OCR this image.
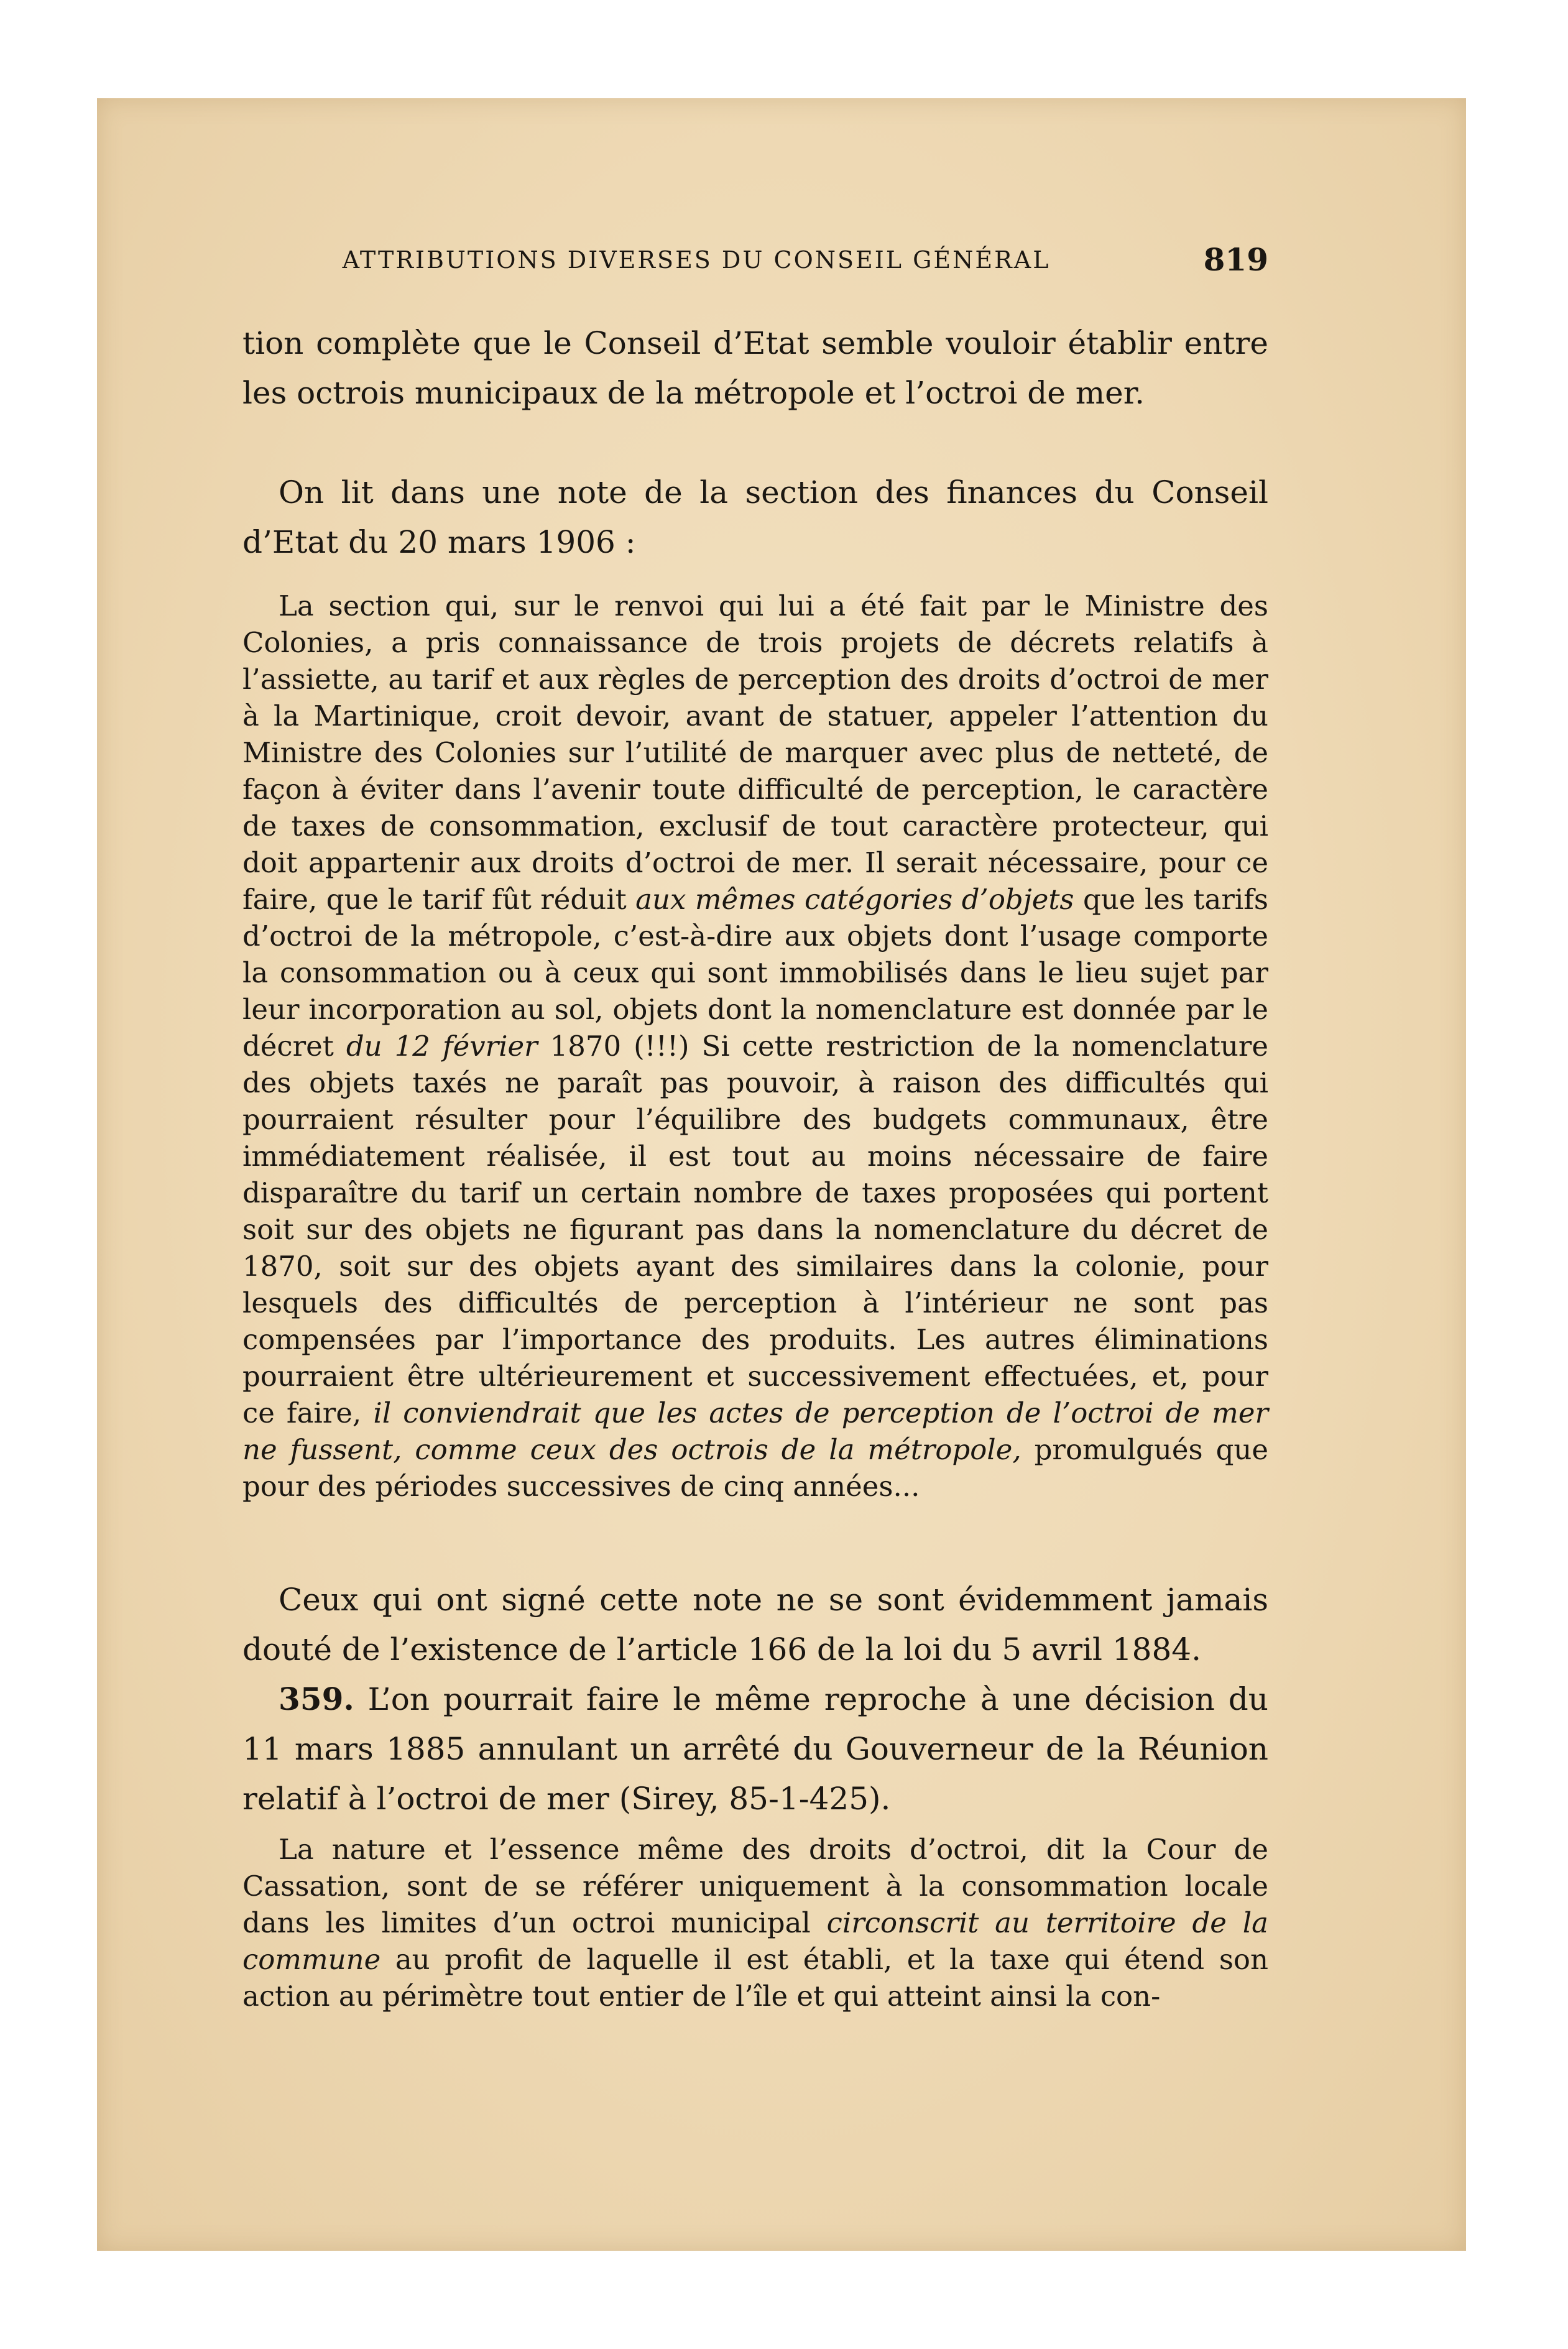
ATTRIBUTIONS DIVERSES DU CONSEIL GÉNÉRAL	819

tion complète que le Conseil d’Etat semble vouloir établir entre les octrois municipaux de la métropole et l’octroi de mer.

On lit dans une note de la section des finances du Conseil d’Etat du 20 mars 1906 :

La section qui, sur le renvoi qui lui a été fait par le Ministre des Colonies, a pris connaissance de trois projets de décrets relatifs à l’assiette, au tarif et aux règles de perception des droits d’octroi de mer à la Martinique, croit devoir, avant de statuer, appeler l’attention du Ministre des Colonies sur l’utilité de marquer avec plus de netteté, de façon à éviter dans l’avenir toute difficulté de perception, le caractère de taxes de consommation, exclusif de tout caractère protecteur, qui doit appartenir aux droits d’octroi de mer. Il serait nécessaire, pour ce faire, que le tarif fût réduit aux mêmes catégories d’objets que les tarifs d’octroi de la métropole, c’est-à-dire aux objets dont l’usage comporte la consommation ou à ceux qui sont immobilisés dans le lieu sujet par leur incorporation au sol, objets dont la nomenclature est donnée par le décret du 12 février 1870 (!!!) Si cette restriction de la nomenclature des objets taxés ne paraît pas pouvoir, à raison des difficultés qui pourraient résulter pour l’équilibre des budgets communaux, être immédiatement réalisée, il est tout au moins nécessaire de faire disparaître du tarif un certain nombre de taxes proposées qui portent soit sur des objets ne figurant pas dans la nomenclature du décret de 1870, soit sur des objets ayant des similaires dans la colonie, pour lesquels des difficultés de perception à l’intérieur ne sont pas compensées par l’importance des produits. Les autres éliminations pourraient être ultérieurement et successivement effectuées, et, pour ce faire, il conviendrait que les actes de perception de l’octroi de mer ne fussent, comme ceux des octrois de la métropole, promulgués que pour des périodes successives de cinq années...

Ceux qui ont signé cette note ne se sont évidemment jamais douté de l’existence de l’article 166 de la loi du 5 avril 1884.

359. L’on pourrait faire le même reproche à une décision du 11 mars 1885 annulant un arrêté du Gouverneur de la Réunion relatif à l’octroi de mer (Sirey, 85-1-425).

La nature et l’essence même des droits d’octroi, dit la Cour de Cassation, sont de se référer uniquement à la consommation locale dans les limites d’un octroi municipal circonscrit au territoire de la commune au profit de laquelle il est établi, et la taxe qui étend son action au périmètre tout entier de l’île et qui atteint ainsi la con-
